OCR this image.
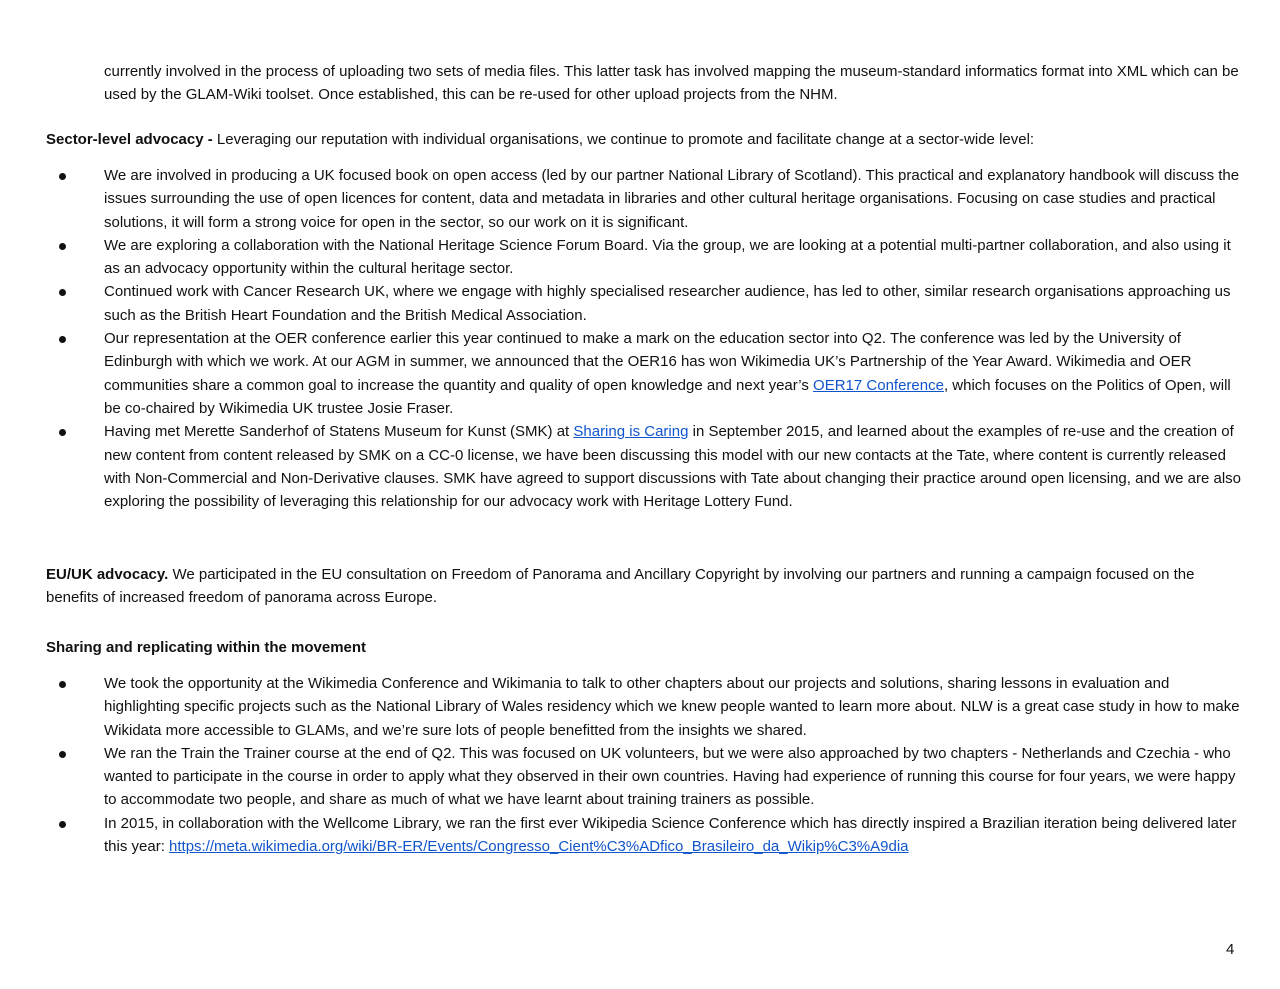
currently involved in the process of uploading two sets of media files. This latter task has involved mapping the museum-standard informatics format into XML which can be used by the GLAM-Wiki toolset. Once established, this can be re-used for other upload projects from the NHM.

Sector-level advocacy - Leveraging our reputation with individual organisations, we continue to promote and facilitate change at a sector-wide level:

We are involved in producing a UK focused book on open access (led by our partner National Library of Scotland). This practical and explanatory handbook will discuss the issues surrounding the use of open licences for content, data and metadata in libraries and other cultural heritage organisations. Focusing on case studies and practical solutions, it will form a strong voice for open in the sector, so our work on it is significant.
We are exploring a collaboration with the National Heritage Science Forum Board. Via the group, we are looking at a potential multi-partner collaboration, and also using it as an advocacy opportunity within the cultural heritage sector.
Continued work with Cancer Research UK, where we engage with highly specialised researcher audience, has led to other, similar research organisations approaching us such as the British Heart Foundation and the British Medical Association.
Our representation at the OER conference earlier this year continued to make a mark on the education sector into Q2. The conference was led by the University of Edinburgh with which we work. At our AGM in summer, we announced that the OER16 has won Wikimedia UK’s Partnership of the Year Award. Wikimedia and OER communities share a common goal to increase the quantity and quality of open knowledge and next year’s OER17 Conference, which focuses on the Politics of Open, will be co-chaired by Wikimedia UK trustee Josie Fraser.
Having met Merette Sanderhof of Statens Museum for Kunst (SMK) at Sharing is Caring in September 2015, and learned about the examples of re-use and the creation of new content from content released by SMK on a CC-0 license, we have been discussing this model with our new contacts at the Tate, where content is currently released with Non-Commercial and Non-Derivative clauses. SMK have agreed to support discussions with Tate about changing their practice around open licensing, and we are also exploring the possibility of leveraging this relationship for our advocacy work with Heritage Lottery Fund.

EU/UK advocacy. We participated in the EU consultation on Freedom of Panorama and Ancillary Copyright by involving our partners and running a campaign focused on the benefits of increased freedom of panorama across Europe.

Sharing and replicating within the movement

We took the opportunity at the Wikimedia Conference and Wikimania to talk to other chapters about our projects and solutions, sharing lessons in evaluation and highlighting specific projects such as the National Library of Wales residency which we knew people wanted to learn more about. NLW is a great case study in how to make Wikidata more accessible to GLAMs, and we’re sure lots of people benefitted from the insights we shared.
We ran the Train the Trainer course at the end of Q2. This was focused on UK volunteers, but we were also approached by two chapters - Netherlands and Czechia - who wanted to participate in the course in order to apply what they observed in their own countries. Having had experience of running this course for four years, we were happy to accommodate two people, and share as much of what we have learnt about training trainers as possible.
In 2015, in collaboration with the Wellcome Library, we ran the first ever Wikipedia Science Conference which has directly inspired a Brazilian iteration being delivered later this year: https://meta.wikimedia.org/wiki/BR-ER/Events/Congresso_Cient%C3%ADfico_Brasileiro_da_Wikip%C3%A9dia
4
